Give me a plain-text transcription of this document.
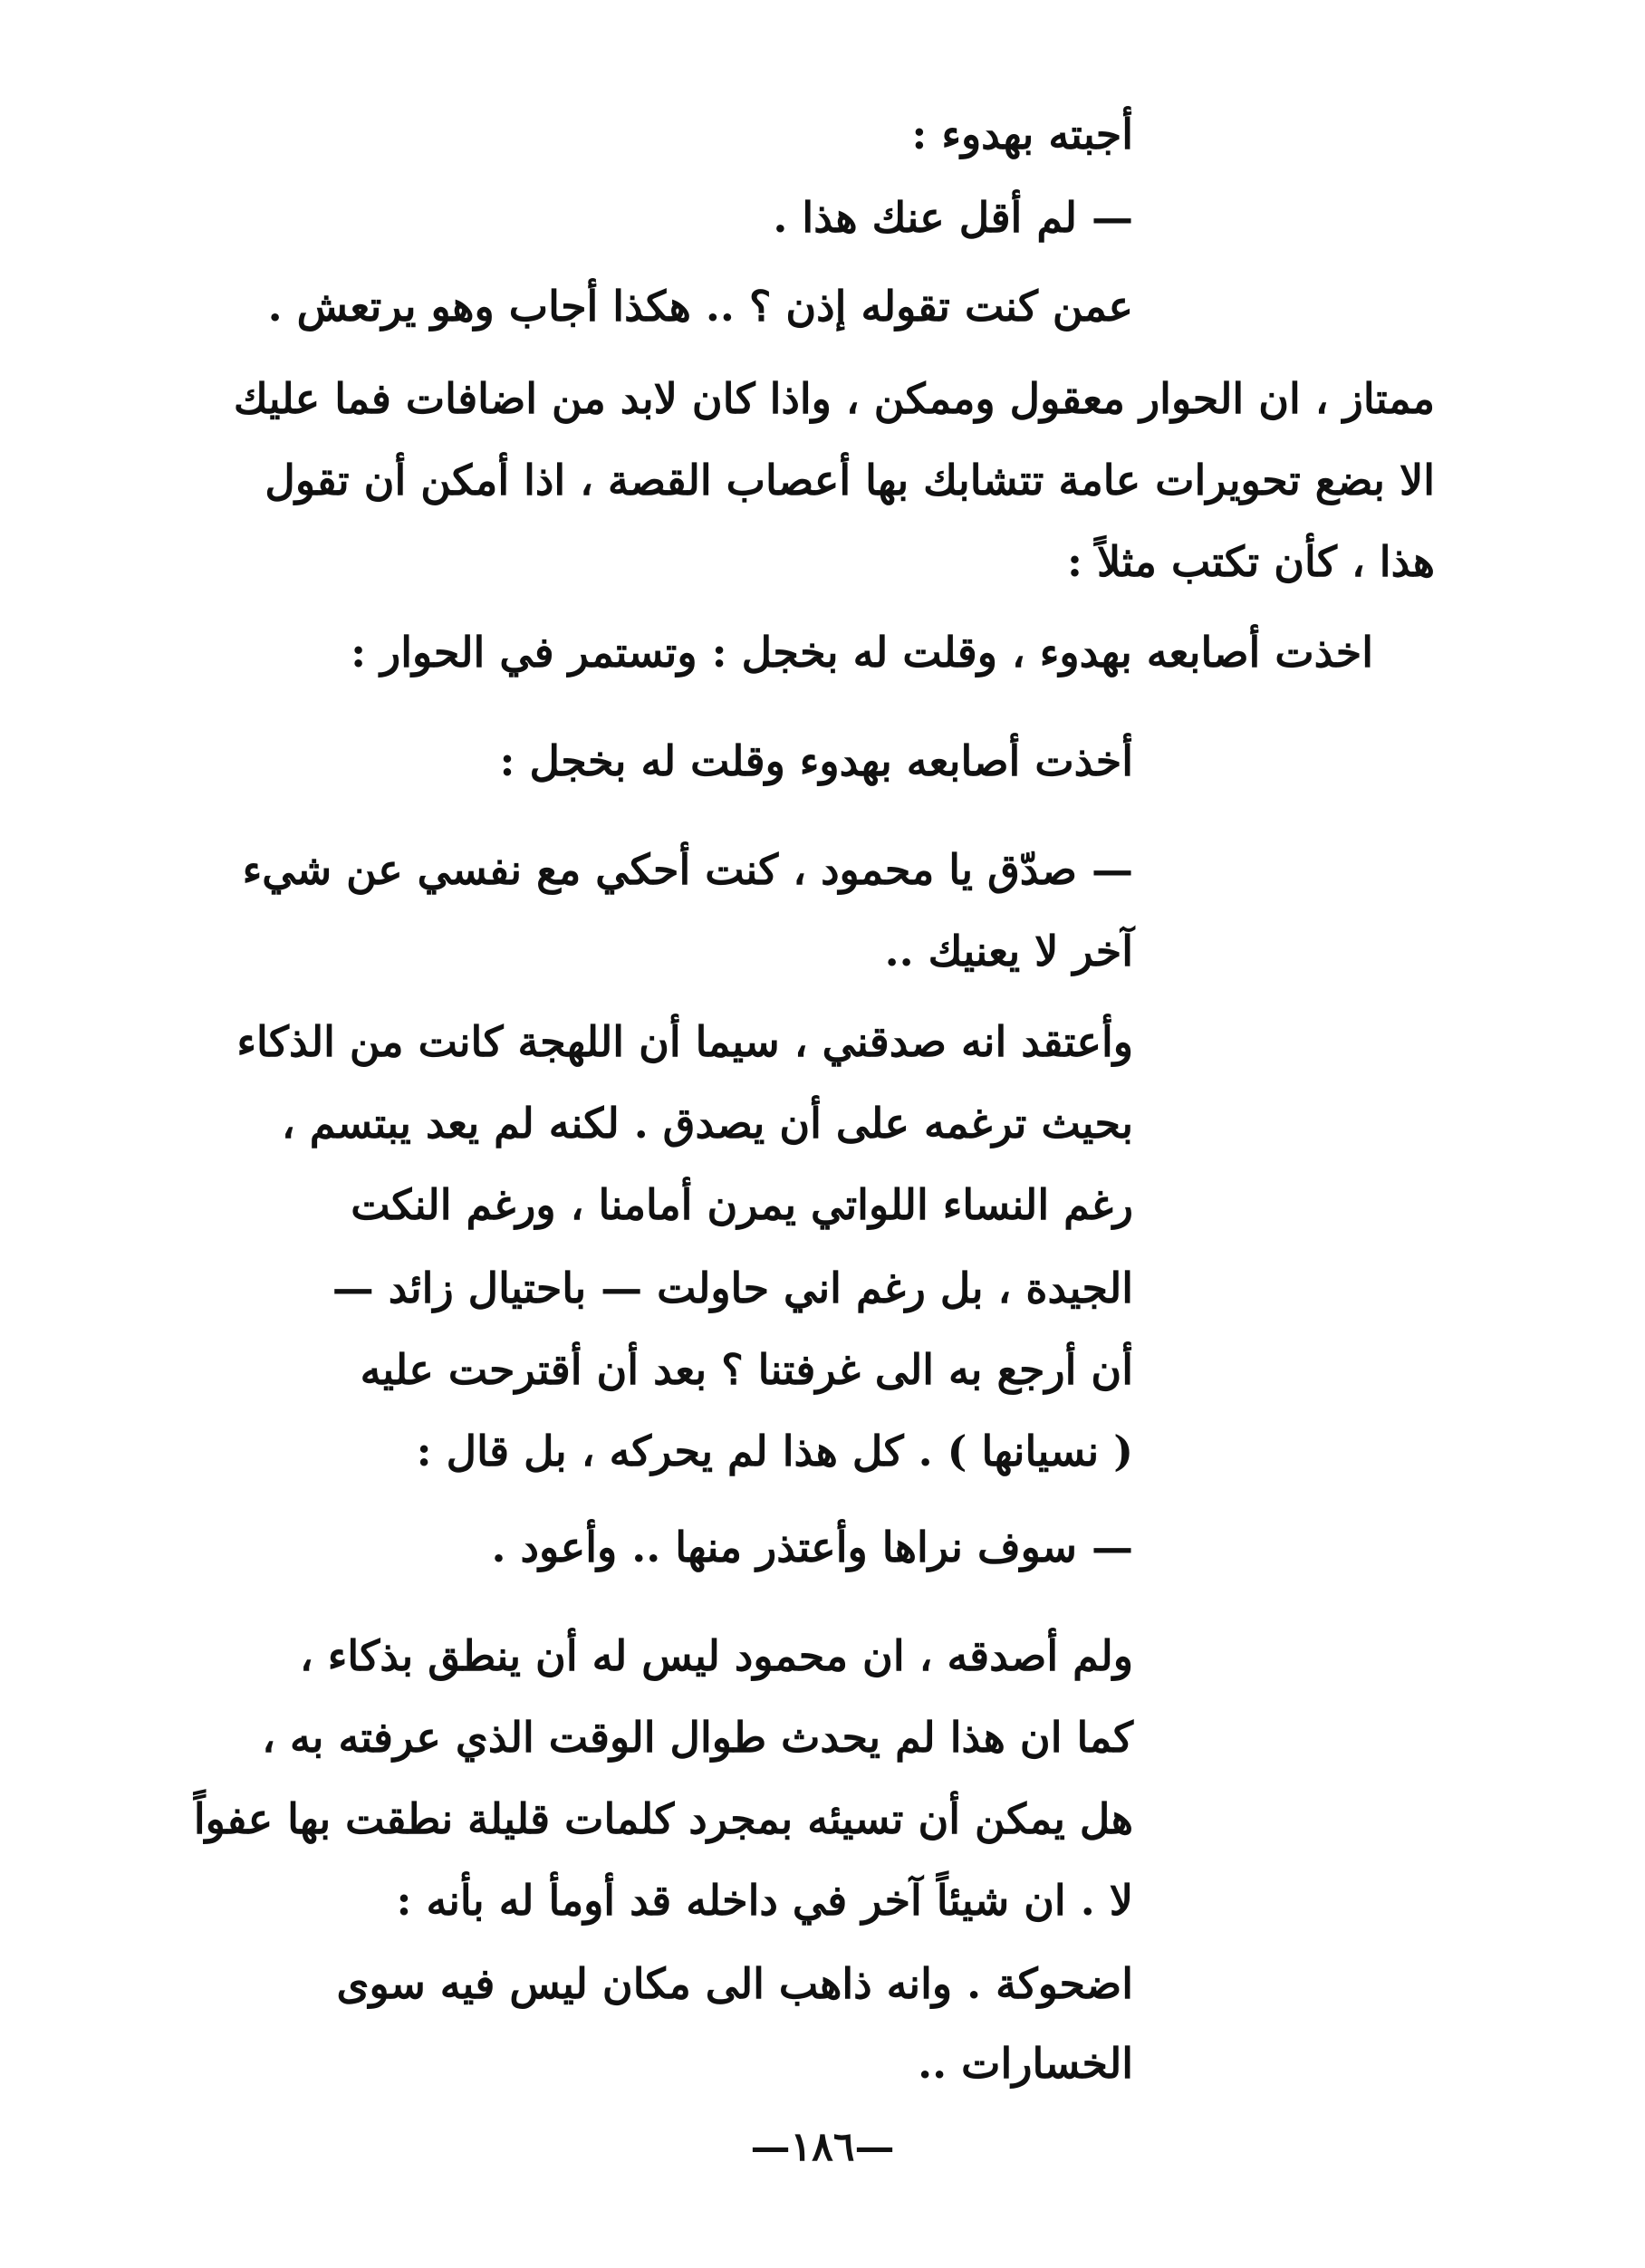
أجبته بهدوء :

— لم أقل عنك هذا .

عمن كنت تقوله إذن ؟ .. هكذا أجاب وهو يرتعش .

ممتاز ، ان الحوار معقول وممكن ، واذا كان لابد من اضافات فما عليك

الا بضع تحويرات عامة تتشابك بها أعصاب القصة ، اذا أمكن أن تقول

هذا ، كأن تكتب مثلاً :

اخذت أصابعه بهدوء ، وقلت له بخجل : وتستمر في الحوار :

أخذت أصابعه بهدوء وقلت له بخجل :

— صدّق يا محمود ، كنت أحكي مع نفسي عن شيء

آخر لا يعنيك ..

وأعتقد انه صدقني ، سيما أن اللهجة كانت من الذكاء

بحيث ترغمه على أن يصدق . لكنه لم يعد يبتسم ،

رغم النساء اللواتي يمرن أمامنا ، ورغم النكت

الجيدة ، بل رغم اني حاولت — باحتيال زائد —

أن أرجع به الى غرفتنا ؟ بعد أن أقترحت عليه

( نسيانها ) . كل هذا لم يحركه ، بل قال :

— سوف نراها وأعتذر منها .. وأعود .

ولم أصدقه ، ان محمود ليس له أن ينطق بذكاء ،

كما ان هذا لم يحدث طوال الوقت الذي عرفته به ،

هل يمكن أن تسيئه بمجرد كلمات قليلة نطقت بها عفواً

لا . ان شيئاً آخر في داخله قد أومأ له بأنه :

اضحوكة . وانه ذاهب الى مكان ليس فيه سوى

الخسارات ..

—١٨٦—
